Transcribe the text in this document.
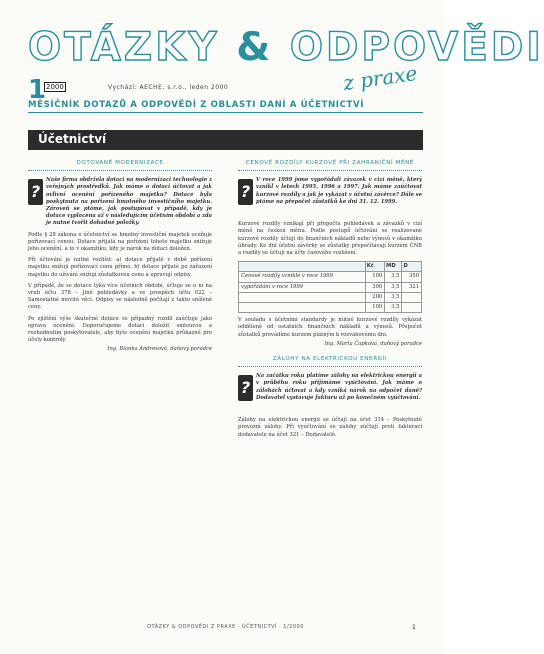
OTÁZKY & ODPOVĚDI
z praxe
1 2000	Vychází: AECHE, s.r.o., leden 2000
MĚSÍČNÍK DOTAZŮ A ODPOVĚDÍ Z OBLASTI DANÍ A ÚČETNICTVÍ
Účetnictví
DOTOVANÉ MODERNIZACE
?
Naše firma obdržela dotaci na modernizaci technologie z veřejných prostředků. Jak máme o dotaci účtovat a jak ovlivní ocenění pořízeného majetku? Dotace byla poskytnuta na pořízení hmotného investičního majetku. Zároveň se ptáme, jak postupovat v případě, kdy je dotace vyplacena až v následujícím účetním období a zda je nutné tvořit dohadné položky.
Podle § 28 zákona o účetnictví se hmotný investiční majetek oceňuje pořizovací cenou. Dotace přijatá na pořízení tohoto majetku snižuje jeho ocenění, a to v okamžiku, kdy je nárok na dotaci doložen.
Při účtování je nutné rozlišit: a) dotace přijaté v době pořízení majetku snižují pořizovací cenu přímo, b) dotace přijaté po zařazení majetku do užívání snižují zůstatkovou cenu a upravují odpisy.
V případě, že se dotace týká více účetních období, účtuje se o ní na vrub účtu 378 – Jiné pohledávky a ve prospěch účtu 022 – Samostatné movité věci. Odpisy se následně počítají z takto snížené ceny.
Po zjištění výše skutečné dotace se případný rozdíl zaúčtuje jako oprava ocenění. Doporučujeme dotaci doložit smlouvou a rozhodnutím poskytovatele, aby bylo ocenění majetku průkazné pro účely kontroly.
Ing. Blanka Andresová, daňový poradce
CENOVÉ ROZDÍLY KURZOVÉ PŘI ZAHRANIČNÍ MĚNĚ
?
V roce 1999 jsme vypořádali závazek v cizí měně, který vznikl v letech 1995, 1996 a 1997. Jak máme zaúčtovat kurzové rozdíly a jak je vykázat v účetní závěrce? Dále se ptáme na přepočet zůstatků ke dni 31. 12. 1999.
Kurzové rozdíly vznikají při přepočtu pohledávek a závazků v cizí měně na českou měnu. Podle postupů účtování se realizované kurzové rozdíly účtují do finančních nákladů nebo výnosů v okamžiku úhrady. Ke dni účetní závěrky se zůstatky přepočítávají kurzem ČNB a rozdíly se účtují na účty časového rozlišení.
	Kč	MD	D
Cenové rozdíly vzniklé v roce 1999	100	3,5	350
vypořádání v roce 1999	300	3,5	321
	200	3,5	
	100	3,5	
V souladu s účetními standardy je nutné kurzové rozdíly vykázat odděleně od ostatních finančních nákladů a výnosů. Přepočet zůstatků provádíme kurzem platným k rozvahovému dni.
Ing. Marta Čapková, daňový poradce
ZÁLOHY NA ELEKTRICKOU ENERGII
?
Na začátku roku platíme zálohy na elektrickou energii a v průběhu roku přijímáme vyúčtování. Jak máme o zálohách účtovat a kdy vzniká nárok na odpočet daně? Dodavatel vystavuje fakturu až po konečném vyúčtování.
Zálohy na elektrickou energii se účtují na účet 314 – Poskytnuté provozní zálohy. Při vyúčtování se zálohy zúčtují proti fakturaci dodavatele na účet 321 – Dodavatelé.
OTÁZKY & ODPOVĚDI Z PRAXE · ÚČETNICTVÍ · 1/2000	1
